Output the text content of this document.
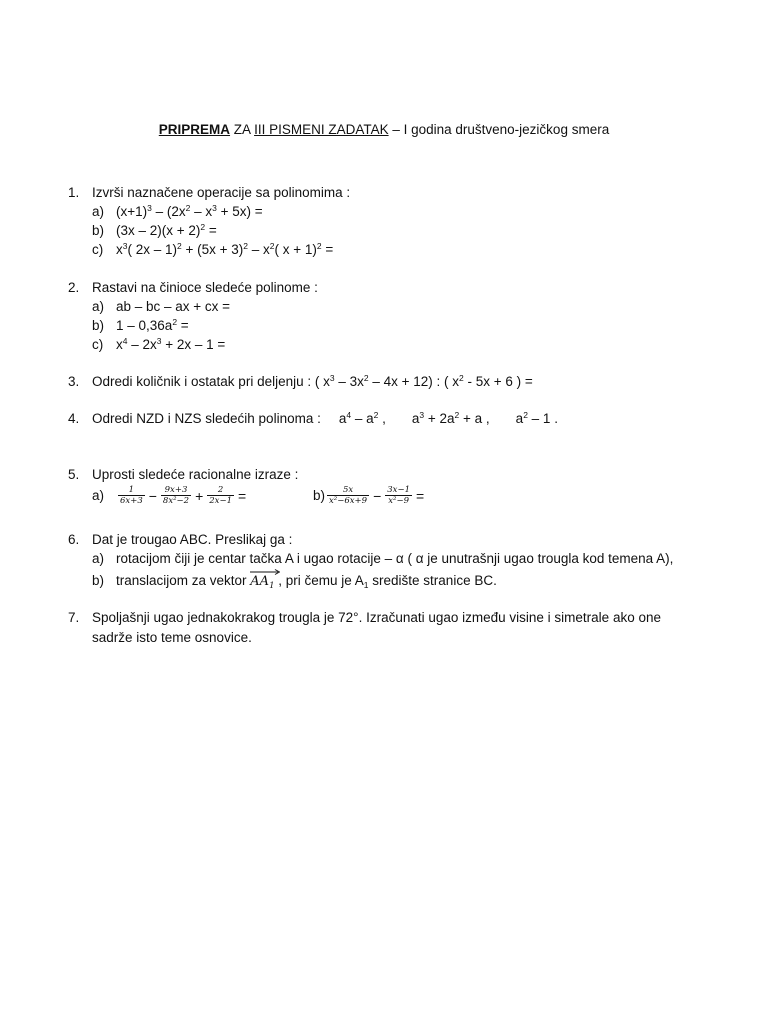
PRIPREMA ZA III PISMENI ZADATAK – I godina društveno-jezičkog smera
1. Izvrši naznačene operacije sa polinomima :
a) $(x+1)^3 - (2x^2 - x^3 + 5x)$ =
b) $(3x - 2)(x + 2)^2$ =
c) $x^3$( $2x - 1)^2 + (5x + 3)^2 - x^2$( x + 1)$^2$ =
2. Rastavi na činioce sledeće polinome :
a) ab – bc – ax + cx =
b) $1 - 0,36a^2$ =
c) $x^4 - 2x^3 + 2x - 1$ =
3. Odredi količnik i ostatak pri deljenju : ( $x^3 - 3x^2 - 4x + 12$) : ( $x^2 - 5x + 6$ ) =
4. Odredi NZD i NZS sledećih polinoma : $a^4 - a^2$ , $a^3 + 2a^2 + a$ , $a^2 - 1$ .
5. Uprosti sledeće racionalne izraze :
$a) \frac{1}{6x+3} - \frac{9x+3}{\text{8x²−2}} + \frac{2}{2x-1}$ =	$b) \frac{5x}{\text{x²−6x+9}} - \frac{3x-1}{\text{x²−9}}$ =
6. Dat je trougao ABC. Preslikaj ga :
a) rotacijom čiji je centar tačka A i ugao rotacije – α ( α je unutrašnji ugao trougla kod temena A),
b) translacijom za vektor
$AA_1$ , pri čemu je $A_1$ središte stranice BC.
7. Spoljašnji ugao jednakokrakog trougla je 72°. Izračunati ugao između visine i simetrale ako one
sadrže isto teme osnovice.
